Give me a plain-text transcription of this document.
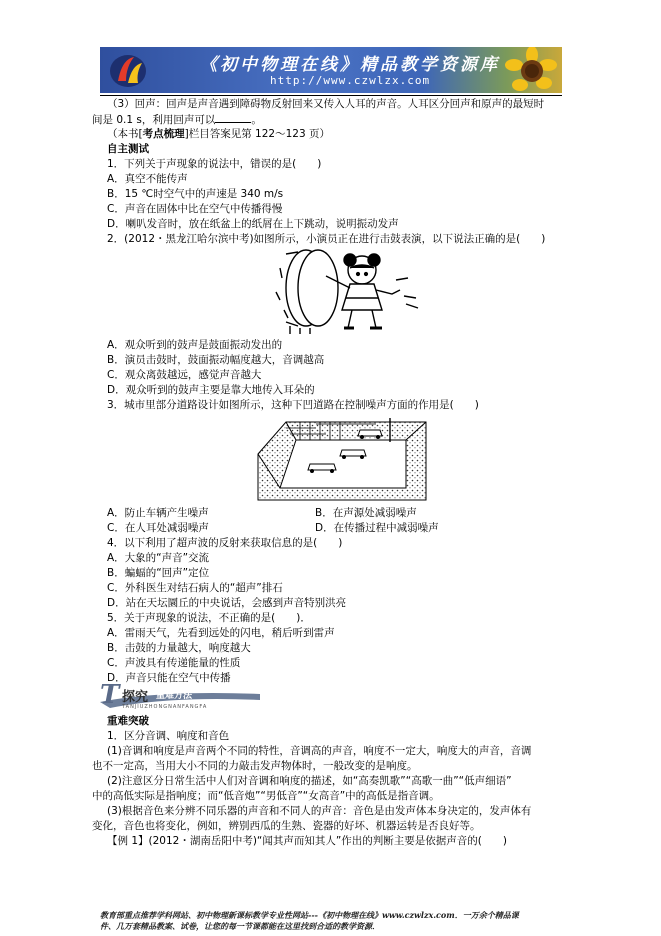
《初中物理在线》精品教学资源库
http://www.czwlzx.com
（3）回声：回声是声音遇到障碍物反射回来又传入人耳的声音。人耳区分回声和原声的最短时
间是 0.1 s，利用回声可以	。
（本书[考点梳理]栏目答案见第 122～123 页）
自主测试
1．下列关于声现象的说法中，错误的是(　　)
A．真空不能传声
B．15 ℃时空气中的声速是 340 m/s
C．声音在固体中比在空气中传播得慢
D．喇叭发音时，放在纸盆上的纸屑在上下跳动，说明振动发声
2．(2012・黑龙江哈尔滨中考)如图所示，小演员正在进行击鼓表演，以下说法正确的是(　　)
A．观众听到的鼓声是鼓面振动发出的
B．演员击鼓时，鼓面振动幅度越大，音调越高
C．观众离鼓越远，感觉声音越大
D．观众听到的鼓声主要是靠大地传入耳朵的
3．城市里部分道路设计如图所示，这种下凹道路在控制噪声方面的作用是(　　)
A．防止车辆产生噪声	B．在声源处减弱噪声
C．在人耳处减弱噪声	D．在传播过程中减弱噪声
4．以下利用了超声波的反射来获取信息的是(　　)
A．大象的“声音”交流
B．蝙蝠的“回声”定位
C．外科医生对结石病人的“超声”排石
D．站在天坛圜丘的中央说话，会感到声音特别洪亮
5．关于声现象的说法，不正确的是(　　)．
A．雷雨天气，先看到远处的闪电，稍后听到雷声
B．击鼓的力量越大，响度越大
C．声波具有传递能量的性质
D．声音只能在空气中传播
T 探究 重难方法
TANJIUZHONGNANFANGFA
重难突破
1．区分音调、响度和音色
(1)音调和响度是声音两个不同的特性，音调高的声音，响度不一定大，响度大的声音，音调
也不一定高，当用大小不同的力敲击发声物体时，一般改变的是响度。
(2)注意区分日常生活中人们对音调和响度的描述，如“高奏凯歌”“高歌一曲”“低声细语”
中的高低实际是指响度；而“低音炮”“男低音”“女高音”中的高低是指音调。
(3)根据音色来分辨不同乐器的声音和不同人的声音：音色是由发声体本身决定的，发声体有
变化，音色也将变化，例如，辨别西瓜的生熟、瓷器的好坏、机器运转是否良好等。
【例 1】(2012・湖南岳阳中考)“闻其声而知其人”作出的判断主要是依据声音的(　　)
教育部重点推荐学科网站、初中物理新课标教学专业性网站---《初中物理在线》www.czwlzx.com．一万余个精品课
件、几万套精品教案、试卷，让您的每一节课都能在这里找到合适的教学资源．
